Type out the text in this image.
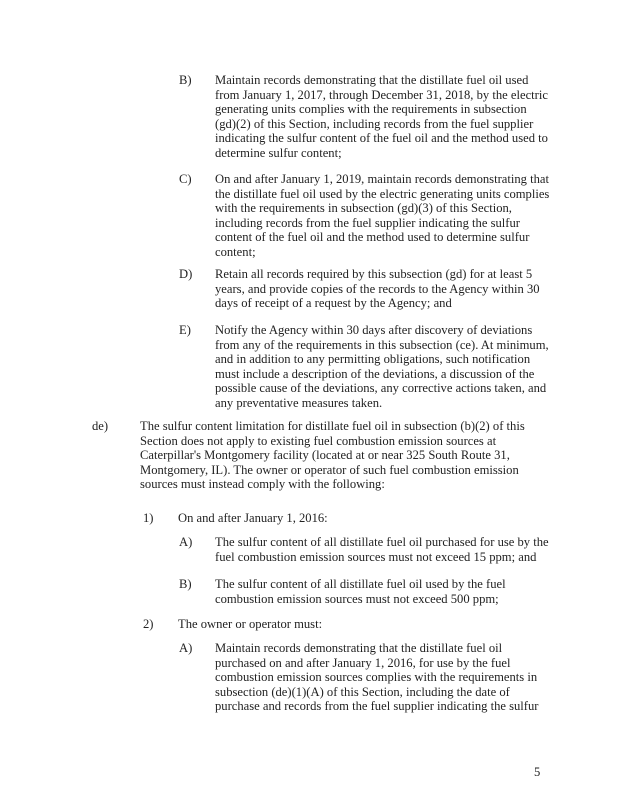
B) Maintain records demonstrating that the distillate fuel oil used
from January 1, 2017, through December 31, 2018, by the electric
generating units complies with the requirements in subsection
(gd)(2) of this Section, including records from the fuel supplier
indicating the sulfur content of the fuel oil and the method used to
determine sulfur content;
C) On and after January 1, 2019, maintain records demonstrating that
the distillate fuel oil used by the electric generating units complies
with the requirements in subsection (gd)(3) of this Section,
including records from the fuel supplier indicating the sulfur
content of the fuel oil and the method used to determine sulfur
content;
D) Retain all records required by this subsection (gd) for at least 5
years, and provide copies of the records to the Agency within 30
days of receipt of a request by the Agency; and
E) Notify the Agency within 30 days after discovery of deviations
from any of the requirements in this subsection (ce). At minimum,
and in addition to any permitting obligations, such notification
must include a description of the deviations, a discussion of the
possible cause of the deviations, any corrective actions taken, and
any preventative measures taken.
de)	The sulfur content limitation for distillate fuel oil in subsection (b)(2) of this
Section does not apply to existing fuel combustion emission sources at
Caterpillar's Montgomery facility (located at or near 325 South Route 31,
Montgomery, IL). The owner or operator of such fuel combustion emission
sources must instead comply with the following:
1) On and after January 1, 2016:
A) The sulfur content of all distillate fuel oil purchased for use by the
fuel combustion emission sources must not exceed 15 ppm; and
B) The sulfur content of all distillate fuel oil used by the fuel
combustion emission sources must not exceed 500 ppm;
2) The owner or operator must:
A) Maintain records demonstrating that the distillate fuel oil
purchased on and after January 1, 2016, for use by the fuel
combustion emission sources complies with the requirements in
subsection (de)(1)(A) of this Section, including the date of
purchase and records from the fuel supplier indicating the sulfur
5
